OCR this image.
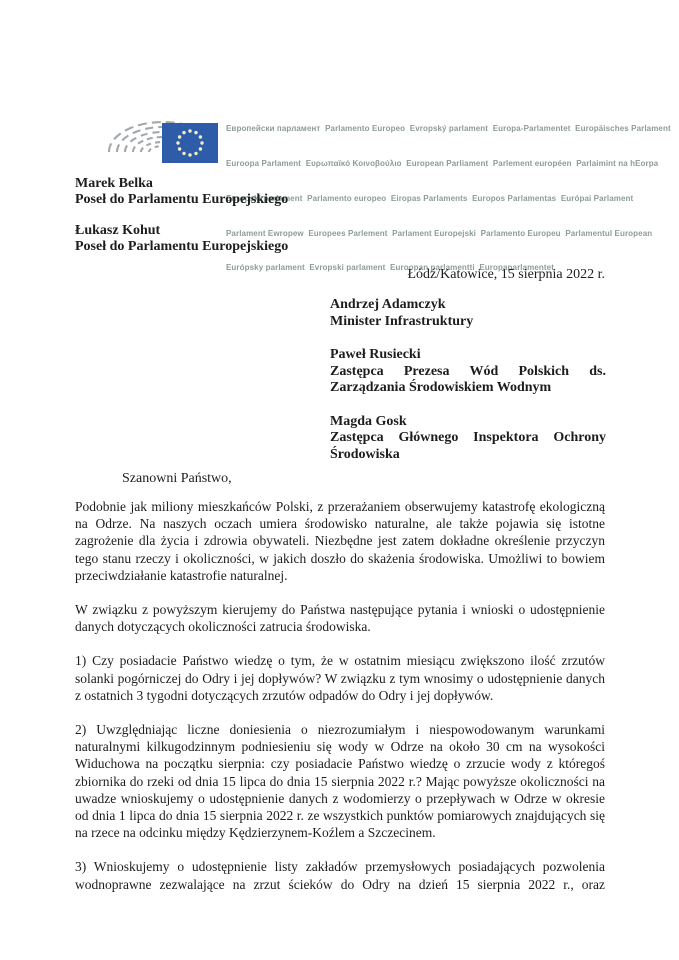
Европейски парламент  Parlamento Europeo  Evropský parlament  Europa-Parlamentet  Europäisches Parlament

Euroopa Parlament  Ευρωπαϊκό Κοινοβούλιο  European Parliament  Parlement européen  Parlaimint na hEorpa

Europski parlament  Parlamento europeo  Eiropas Parlaments  Europos Parlamentas  Európai Parlament

Parlament Ewropew  Europees Parlement  Parlament Europejski  Parlamento Europeu  Parlamentul European

Európsky parlament  Evropski parlament  Euroopan parlamentti  Europaparlamentet

Marek Belka
Poseł do Parlamentu Europejskiego
Łukasz Kohut
Poseł do Parlamentu Europejskiego
Łódź/Katowice, 15 sierpnia 2022 r.
Andrzej Adamczyk
Minister Infrastruktury
Paweł Rusiecki
Zastępca Prezesa Wód Polskich ds. Zarządzania Środowiskiem Wodnym
Magda Gosk
Zastępca Głównego Inspektora Ochrony Środowiska
Szanowni Państwo,

Podobnie jak miliony mieszkańców Polski, z przerażaniem obserwujemy katastrofę ekologiczną na Odrze. Na naszych oczach umiera środowisko naturalne, ale także pojawia się istotne zagrożenie dla życia i zdrowia obywateli. Niezbędne jest zatem dokładne określenie przyczyn tego stanu rzeczy i okoliczności, w jakich doszło do skażenia środowiska. Umożliwi to bowiem przeciwdziałanie katastrofie naturalnej.

W związku z powyższym kierujemy do Państwa następujące pytania i wnioski o udostępnienie danych dotyczących okoliczności zatrucia środowiska.

1) Czy posiadacie Państwo wiedzę o tym, że w ostatnim miesiącu zwiększono ilość zrzutów solanki pogórniczej do Odry i jej dopływów? W związku z tym wnosimy o udostępnienie danych z ostatnich 3 tygodni dotyczących zrzutów odpadów do Odry i jej dopływów.

2) Uwzględniając liczne doniesienia o niezrozumiałym i niespowodowanym warunkami naturalnymi kilkugodzinnym podniesieniu się wody w Odrze na około 30 cm na wysokości Widuchowa na początku sierpnia: czy posiadacie Państwo wiedzę o zrzucie wody z któregoś zbiornika do rzeki od dnia 15 lipca do dnia 15 sierpnia 2022 r.? Mając powyższe okoliczności na uwadze wnioskujemy o udostępnienie danych z wodomierzy o przepływach w Odrze w okresie od dnia 1 lipca do dnia 15 sierpnia 2022 r. ze wszystkich punktów pomiarowych znajdujących się na rzece na odcinku między Kędzierzynem-Koźlem a Szczecinem.

3) Wnioskujemy o udostępnienie listy zakładów przemysłowych posiadających pozwolenia wodnoprawne zezwalające na zrzut ścieków do Odry na dzień 15 sierpnia 2022 r., oraz
